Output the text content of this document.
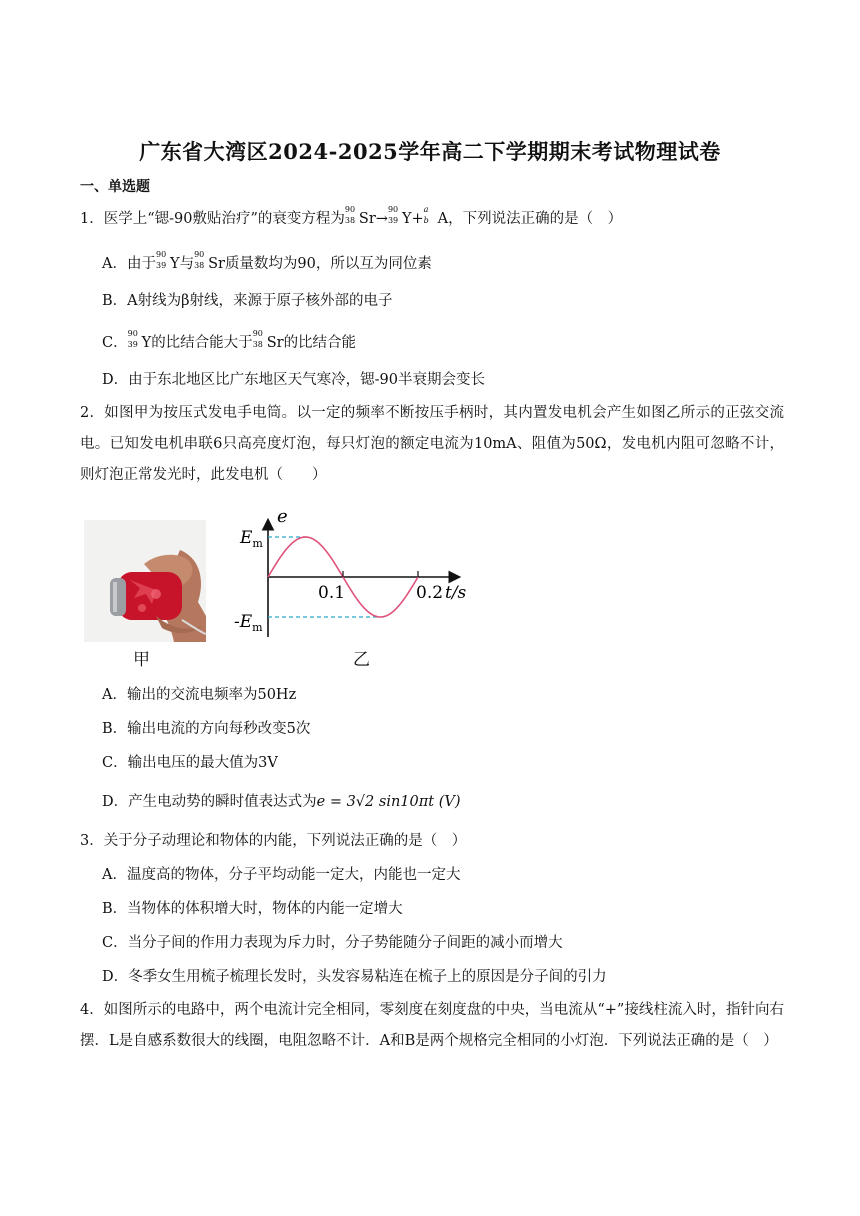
广东省大湾区2024-2025学年高二下学期期末考试物理试卷
一、单选题
1．医学上“锶-90敷贴治疗”的衰变方程为
90
38 Sr→
90
39 Y+
a
b A，下列说法正确的是（　）
A．由于
90
39 Y与
90
38 Sr质量数均为90，所以互为同位素
B．A射线为β射线，来源于原子核外部的电子
C．
90
39 Y的比结合能大于
90
38 Sr的比结合能
D．由于东北地区比广东地区天气寒冷，锶-90半衰期会变长
2．如图甲为按压式发电手电筒。以一定的频率不断按压手柄时，其内置发电机会产生如图乙所示的正弦交流电。已知发电机串联6只高亮度灯泡，每只灯泡的额定电流为10mA、阻值为50Ω，发电机内阻可忽略不计，则灯泡正常发光时，此发电机（　　）
甲
e
$E_m$
$-E_m$
0.1	0.2 t/s
乙
A．输出的交流电频率为50Hz
B．输出电流的方向每秒改变5次
C．输出电压的最大值为3V
D．产生电动势的瞬时值表达式为e = 3√2 sin10πt (V)
3．关于分子动理论和物体的内能，下列说法正确的是（　）
A．温度高的物体，分子平均动能一定大，内能也一定大
B．当物体的体积增大时，物体的内能一定增大
C．当分子间的作用力表现为斥力时，分子势能随分子间距的减小而增大
D．冬季女生用梳子梳理长发时，头发容易粘连在梳子上的原因是分子间的引力
4．如图所示的电路中，两个电流计完全相同，零刻度在刻度盘的中央，当电流从“+”接线柱流入时，指针向右摆．L是自感系数很大的线圈，电阻忽略不计．A和B是两个规格完全相同的小灯泡．下列说法正确的是（　）
